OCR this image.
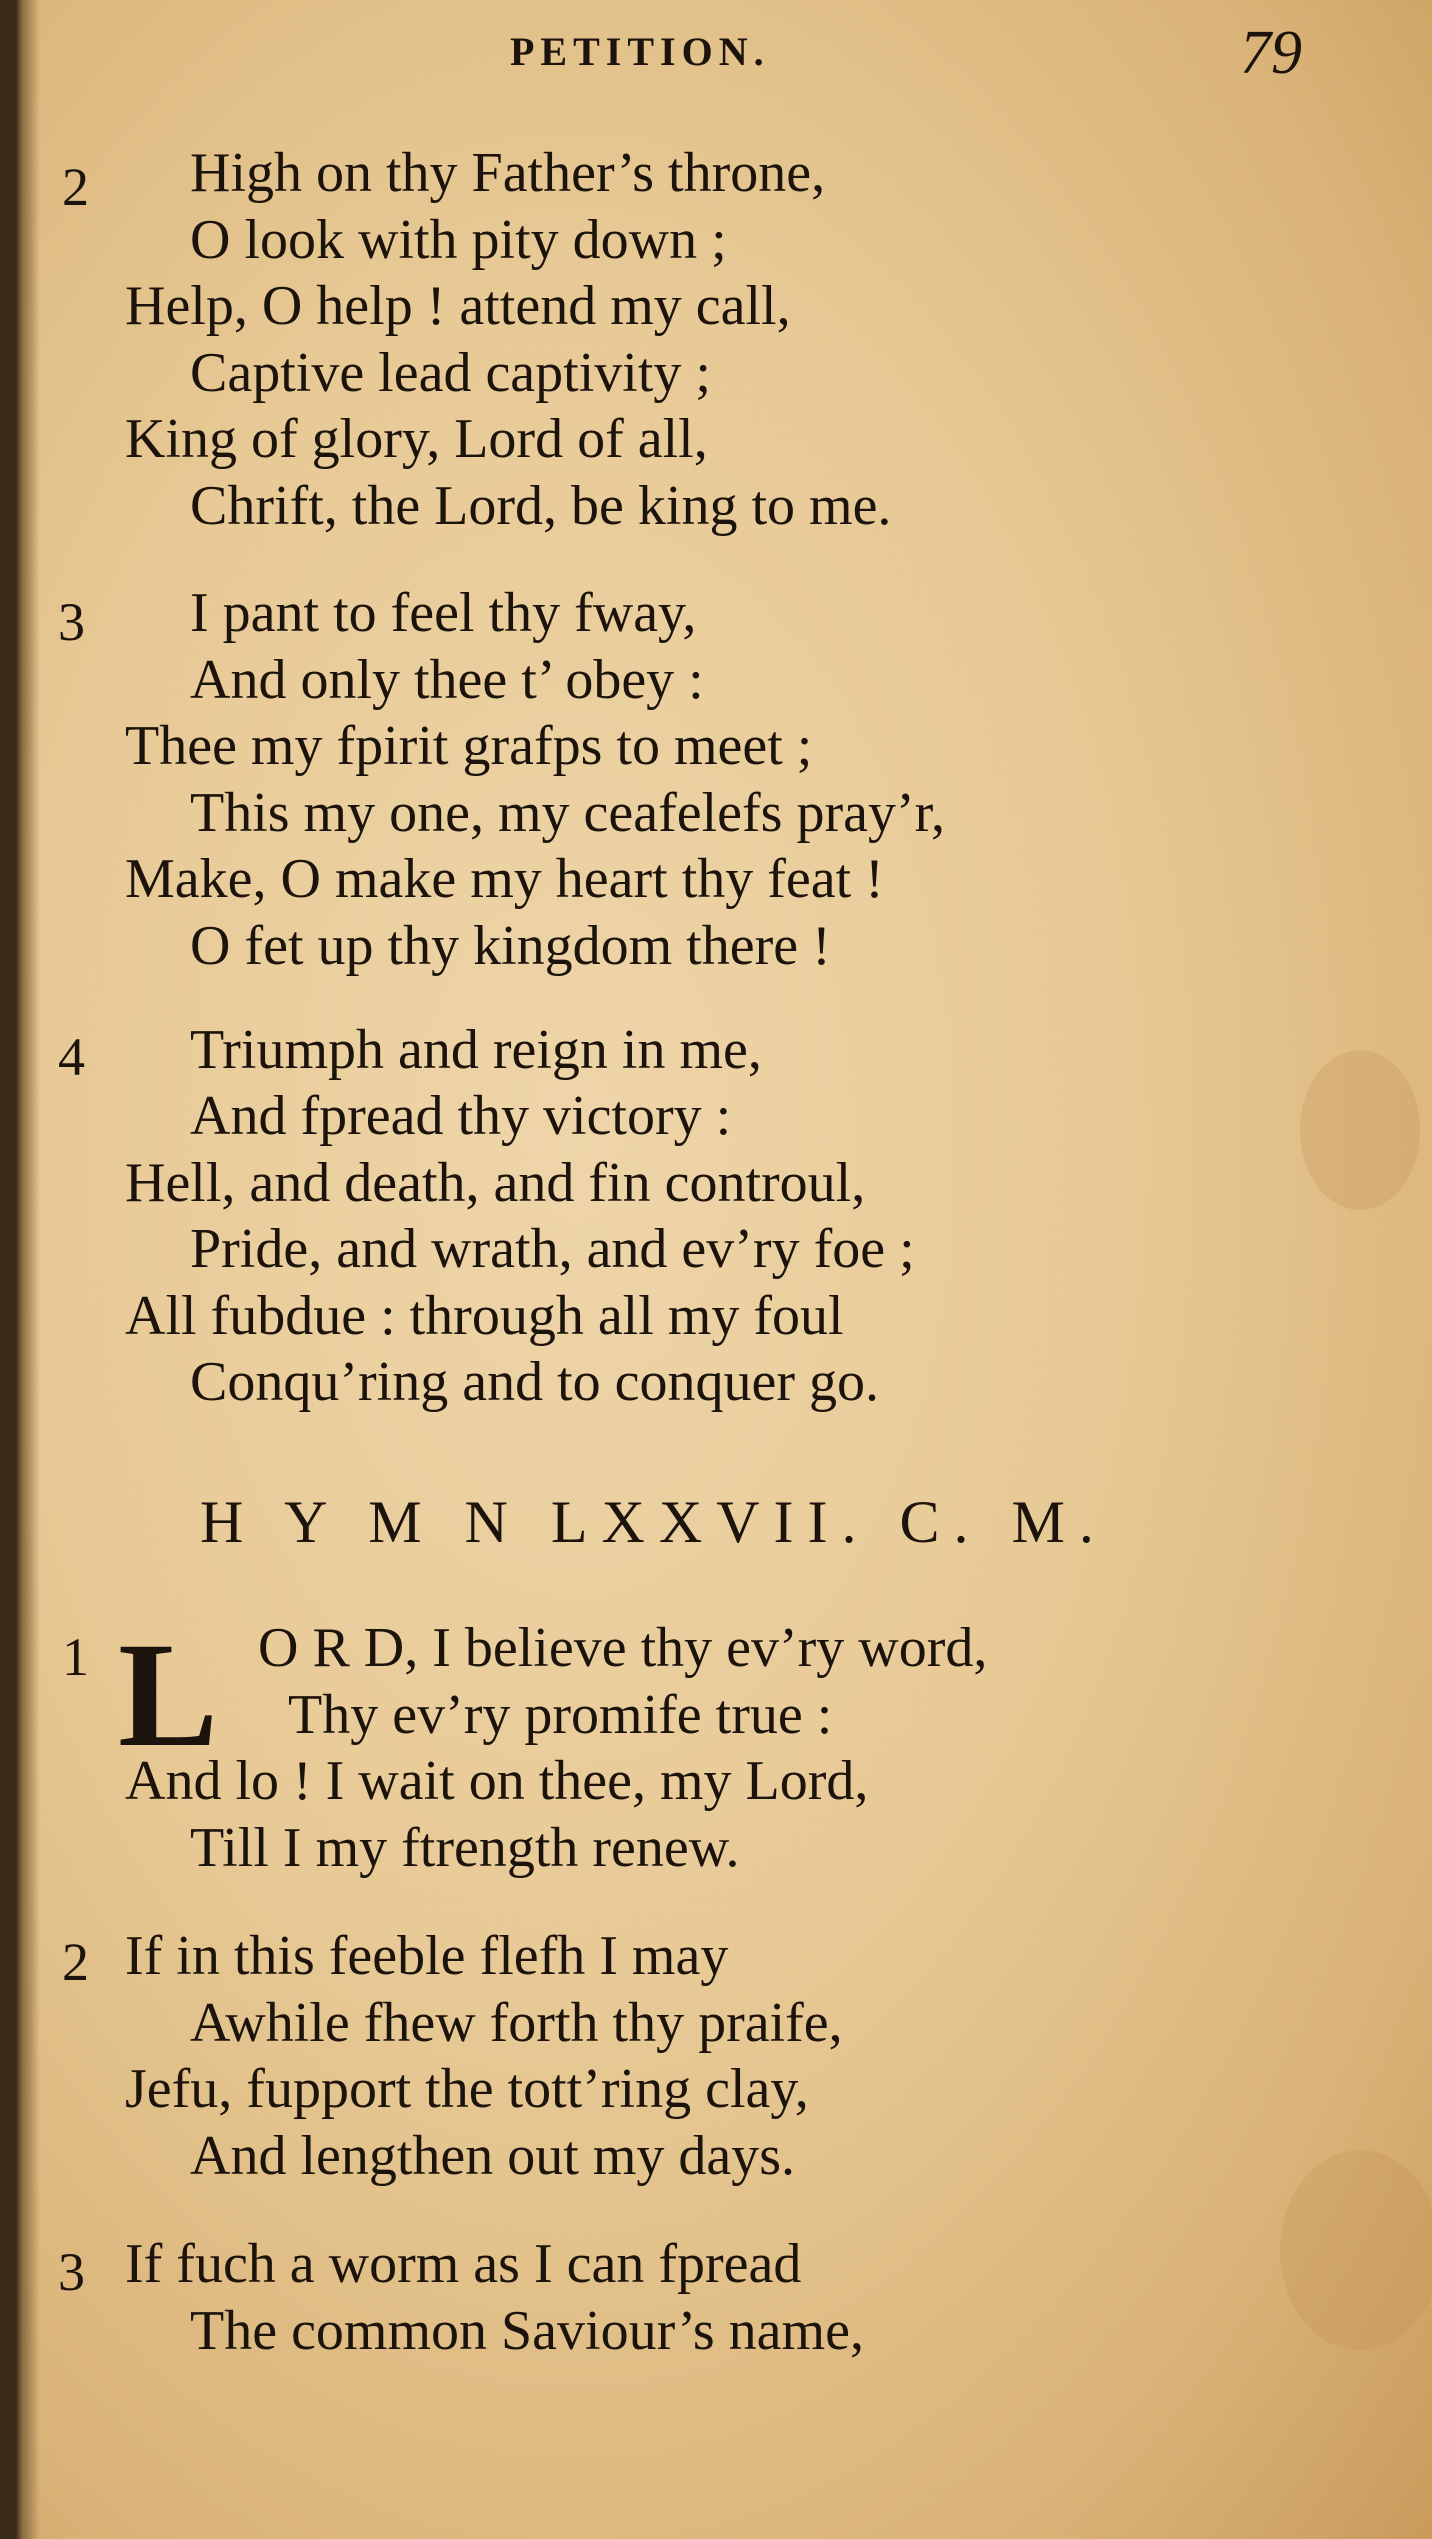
PETITION.	79
2 High on thy Father’s throne,
O look with pity down ;
Help, O help ! attend my call,
Captive lead captivity ;
King of glory, Lord of all,
Chrift, the Lord, be king to me.
3 I pant to feel thy fway,
And only thee t’ obey :
Thee my fpirit grafps to meet ;
This my one, my ceafelefs pray’r,
Make, O make my heart thy feat !
O fet up thy kingdom there !
4 Triumph and reign in me,
And fpread thy victory :
Hell, and death, and fin controul,
Pride, and wrath, and ev’ry foe ;
All fubdue : through all my foul
Conqu’ring and to conquer go.
H Y M N LXXVII. C. M.
1 L O R D, I believe thy ev’ry word,
Thy ev’ry promife true :
And lo ! I wait on thee, my Lord,
Till I my ftrength renew.
2 If in this feeble flefh I may
Awhile fhew forth thy praife,
Jefu, fupport the tott’ring clay,
And lengthen out my days.
3 If fuch a worm as I can fpread
The common Saviour’s name,
